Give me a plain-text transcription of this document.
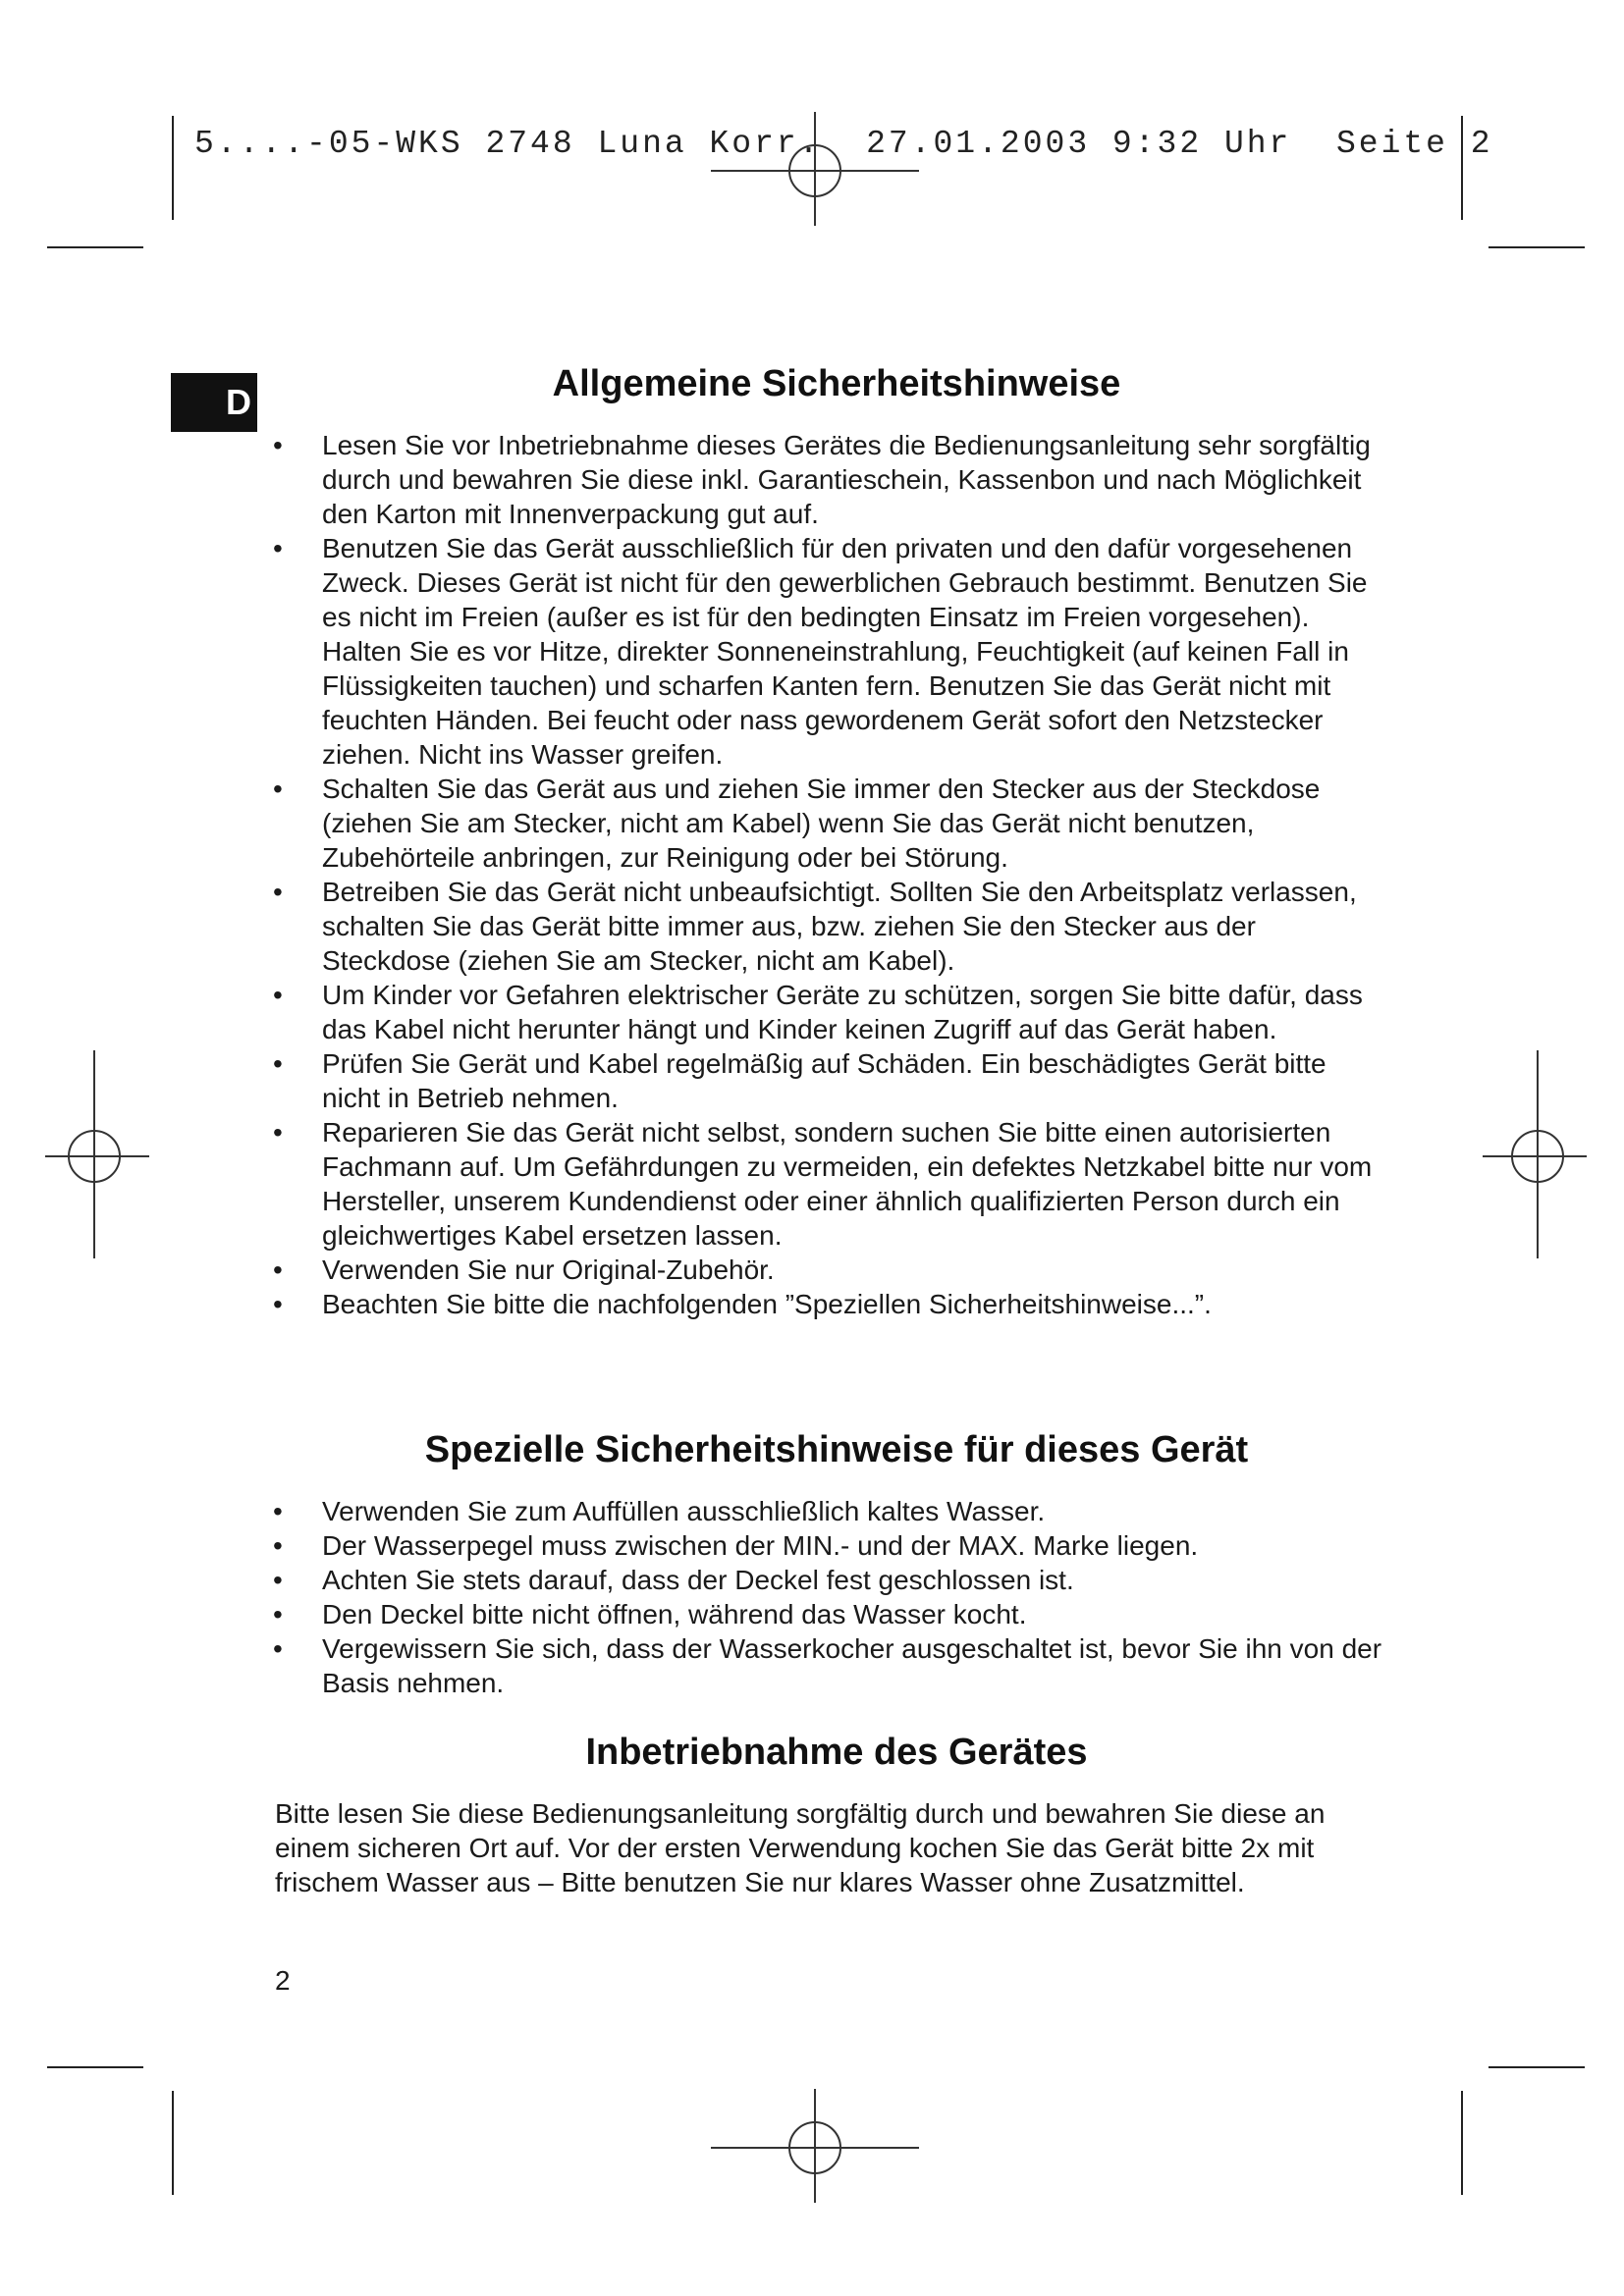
5....-05-WKS 2748 Luna Korr.  27.01.2003 9:32 Uhr  Seite 2
D	Allgemeine Sicherheitshinweise
• Lesen Sie vor Inbetriebnahme dieses Gerätes die Bedienungsanleitung sehr sorgfältig durch und bewahren Sie diese inkl. Garantieschein, Kassenbon und nach Möglichkeit den Karton mit Innenverpackung gut auf.
• Benutzen Sie das Gerät ausschließlich für den privaten und den dafür vorgesehenen Zweck. Dieses Gerät ist nicht für den gewerblichen Gebrauch bestimmt. Benutzen Sie es nicht im Freien (außer es ist für den bedingten Einsatz im Freien vorgesehen). Halten Sie es vor Hitze, direkter Sonneneinstrahlung, Feuchtigkeit (auf keinen Fall in Flüssigkeiten tauchen) und scharfen Kanten fern. Benutzen Sie das Gerät nicht mit feuchten Händen. Bei feucht oder nass gewordenem Gerät sofort den Netzstecker ziehen. Nicht ins Wasser greifen.
• Schalten Sie das Gerät aus und ziehen Sie immer den Stecker aus der Steckdose (ziehen Sie am Stecker, nicht am Kabel) wenn Sie das Gerät nicht benutzen, Zubehörteile anbringen, zur Reinigung oder bei Störung.
• Betreiben Sie das Gerät nicht unbeaufsichtigt. Sollten Sie den Arbeitsplatz verlassen, schalten Sie das Gerät bitte immer aus, bzw. ziehen Sie den Stecker aus der Steckdose (ziehen Sie am Stecker, nicht am Kabel).
• Um Kinder vor Gefahren elektrischer Geräte zu schützen, sorgen Sie bitte dafür, dass das Kabel nicht herunter hängt und Kinder keinen Zugriff auf das Gerät haben.
• Prüfen Sie Gerät und Kabel regelmäßig auf Schäden. Ein beschädigtes Gerät bitte nicht in Betrieb nehmen.
• Reparieren Sie das Gerät nicht selbst, sondern suchen Sie bitte einen autorisierten Fachmann auf. Um Gefährdungen zu vermeiden, ein defektes Netzkabel bitte nur vom Hersteller, unserem Kundendienst oder einer ähnlich qualifizierten Person durch ein gleichwertiges Kabel ersetzen lassen.
• Verwenden Sie nur Original-Zubehör.
• Beachten Sie bitte die nachfolgenden ”Speziellen Sicherheitshinweise...”.
Spezielle Sicherheitshinweise für dieses Gerät
• Verwenden Sie zum Auffüllen ausschließlich kaltes Wasser.
• Der Wasserpegel muss zwischen der MIN.- und der MAX. Marke liegen.
• Achten Sie stets darauf, dass der Deckel fest geschlossen ist.
• Den Deckel bitte nicht öffnen, während das Wasser kocht.
• Vergewissern Sie sich, dass der Wasserkocher ausgeschaltet ist, bevor Sie ihn von der Basis nehmen.
Inbetriebnahme des Gerätes

Bitte lesen Sie diese Bedienungsanleitung sorgfältig durch und bewahren Sie diese an einem sicheren Ort auf. Vor der ersten Verwendung kochen Sie das Gerät bitte 2x mit frischem Wasser aus – Bitte benutzen Sie nur klares Wasser ohne Zusatzmittel.

2
